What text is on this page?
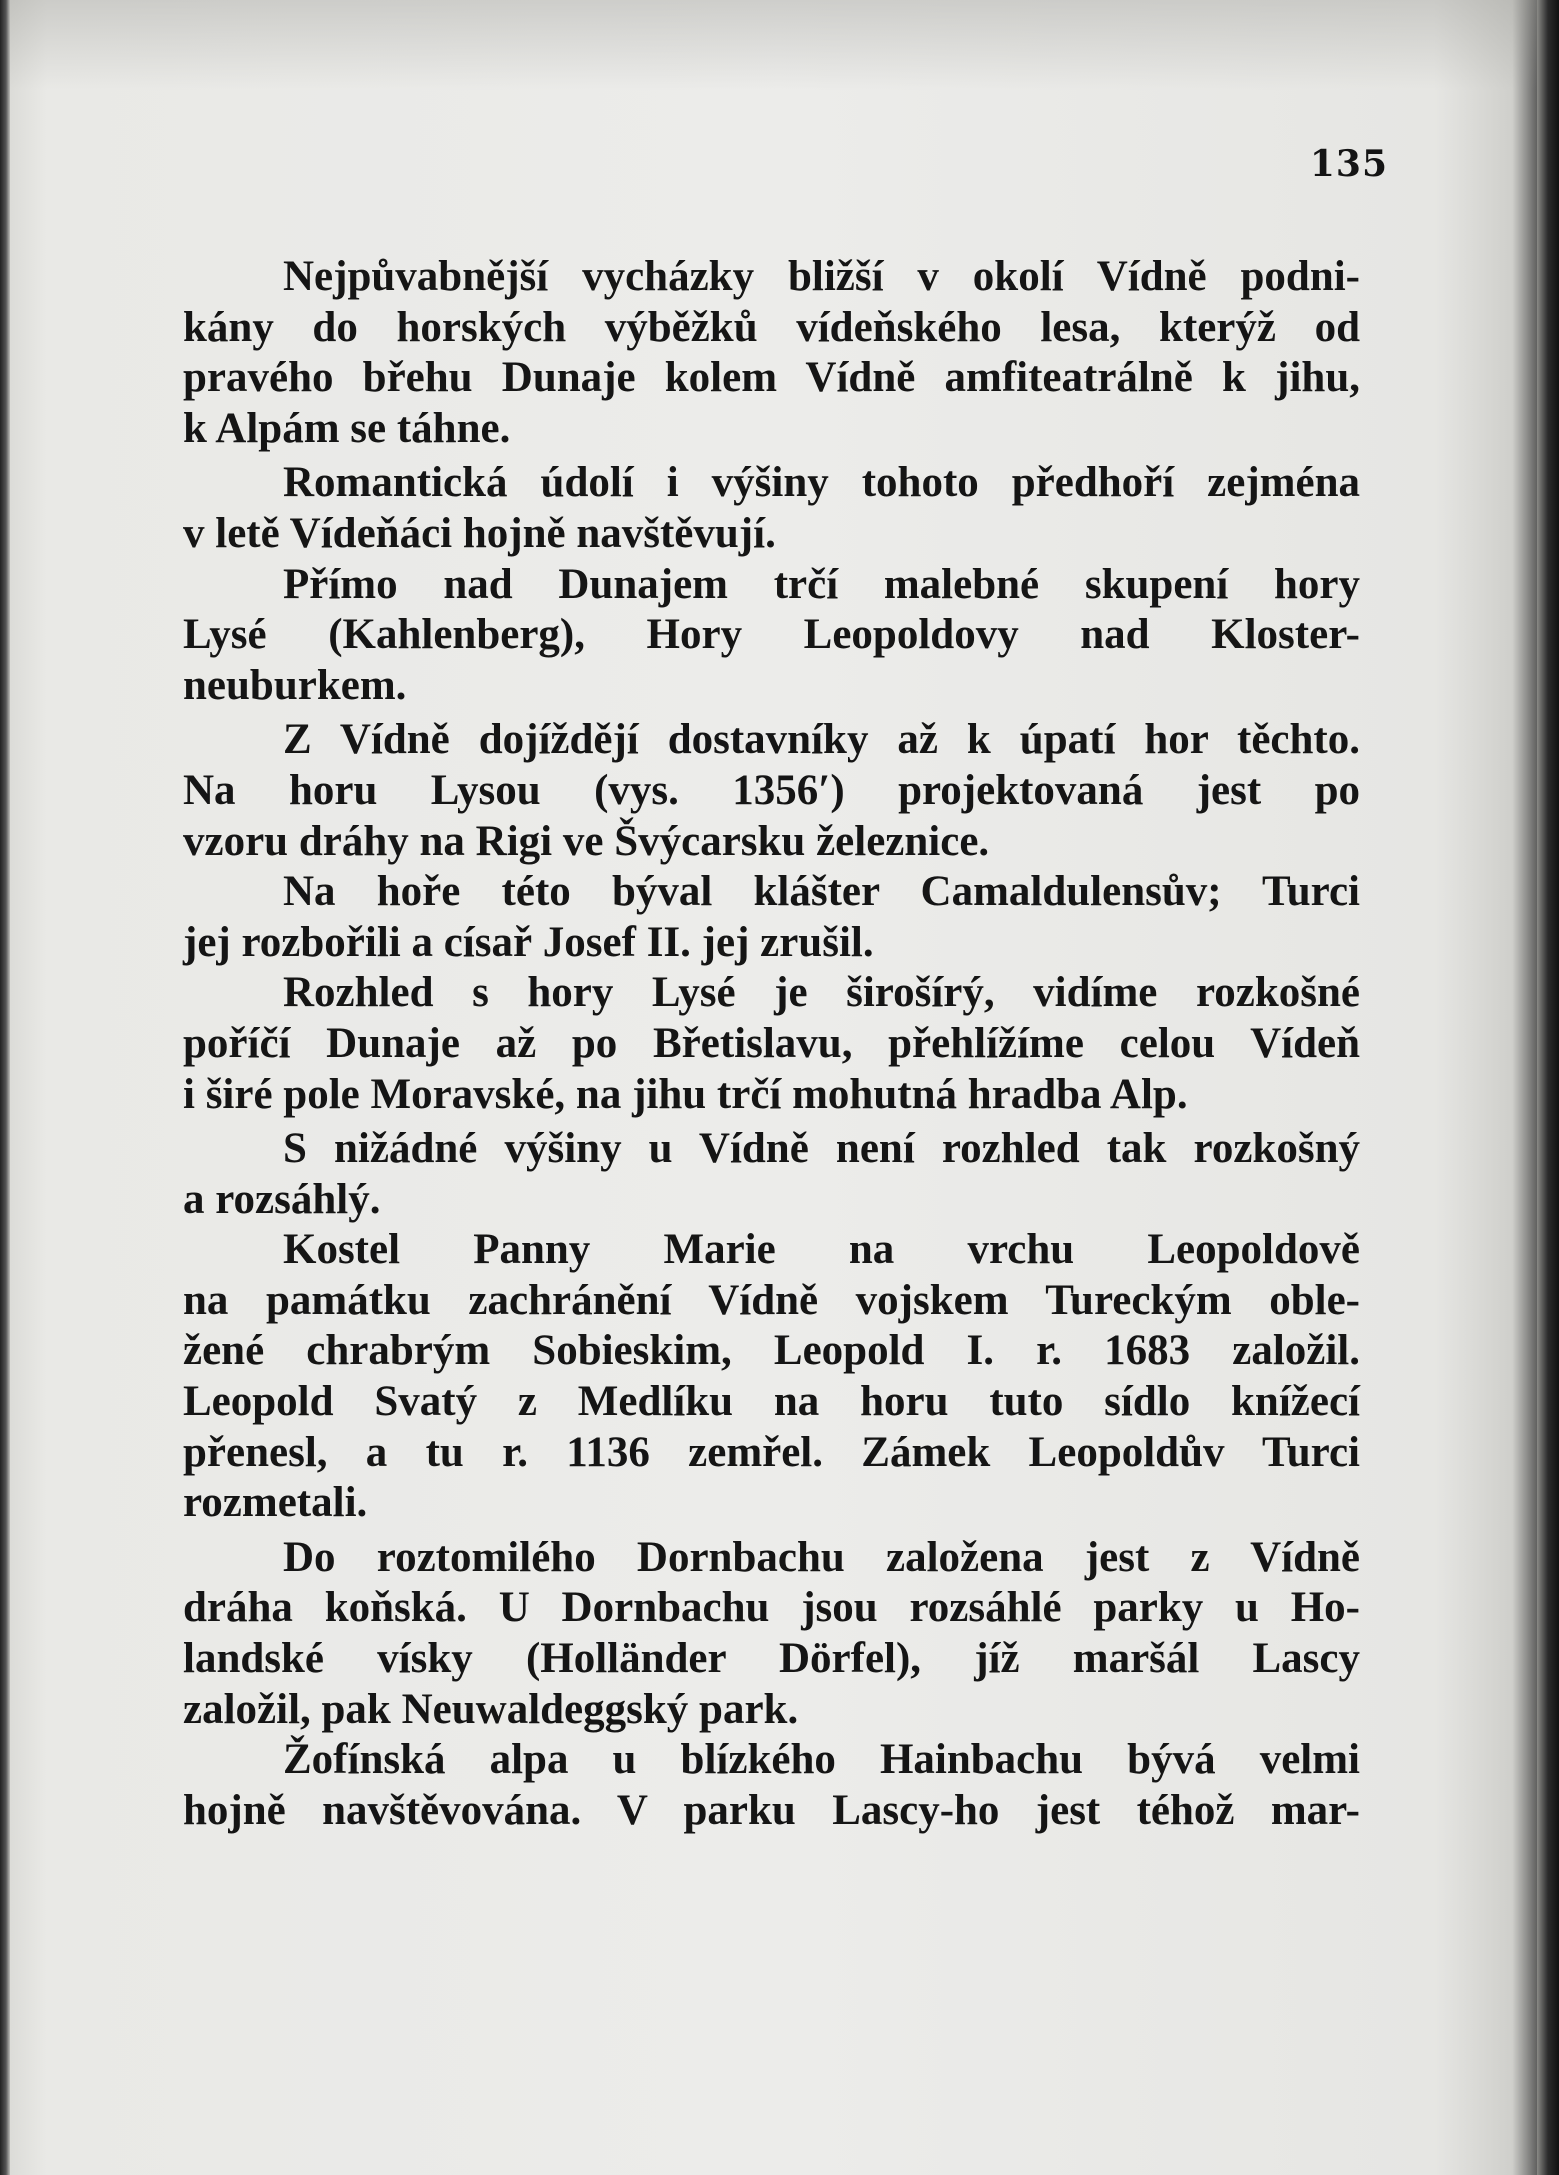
135
Nejpůvabnější vycházky bližší v okolí Vídně podni-
kány do horských výběžků vídeňského lesa, kterýž od
pravého břehu Dunaje kolem Vídně amfiteatrálně k jihu,
k Alpám se táhne.
Romantická údolí i výšiny tohoto předhoří zejména
v letě Vídeňáci hojně navštěvují.
Přímo nad Dunajem trčí malebné skupení hory
Lysé (Kahlenberg), Hory Leopoldovy nad Kloster-
neuburkem.
Z Vídně dojíždějí dostavníky až k úpatí hor těchto.
Na horu Lysou (vys. 1356′) projektovaná jest po
vzoru dráhy na Rigi ve Švýcarsku železnice.
Na hoře této býval klášter Camaldulensův; Turci
jej rozbořili a císař Josef II. jej zrušil.
Rozhled s hory Lysé je širošírý, vidíme rozkošné
poříčí Dunaje až po Břetislavu, přehlížíme celou Vídeň
i širé pole Moravské, na jihu trčí mohutná hradba Alp.
S nižádné výšiny u Vídně není rozhled tak rozkošný
a rozsáhlý.
Kostel Panny Marie na vrchu Leopoldově
na památku zachránění Vídně vojskem Tureckým oble-
žené chrabrým Sobieskim, Leopold I. r. 1683 založil.
Leopold Svatý z Medlíku na horu tuto sídlo knížecí
přenesl, a tu r. 1136 zemřel. Zámek Leopoldův Turci
rozmetali.
Do roztomilého Dornbachu založena jest z Vídně
dráha koňská. U Dornbachu jsou rozsáhlé parky u Ho-
landské vísky (Holländer Dörfel), jíž maršál Lascy
založil, pak Neuwaldeggský park.
Žofínská alpa u blízkého Hainbachu bývá velmi
hojně navštěvována. V parku Lascy-ho jest téhož mar-
